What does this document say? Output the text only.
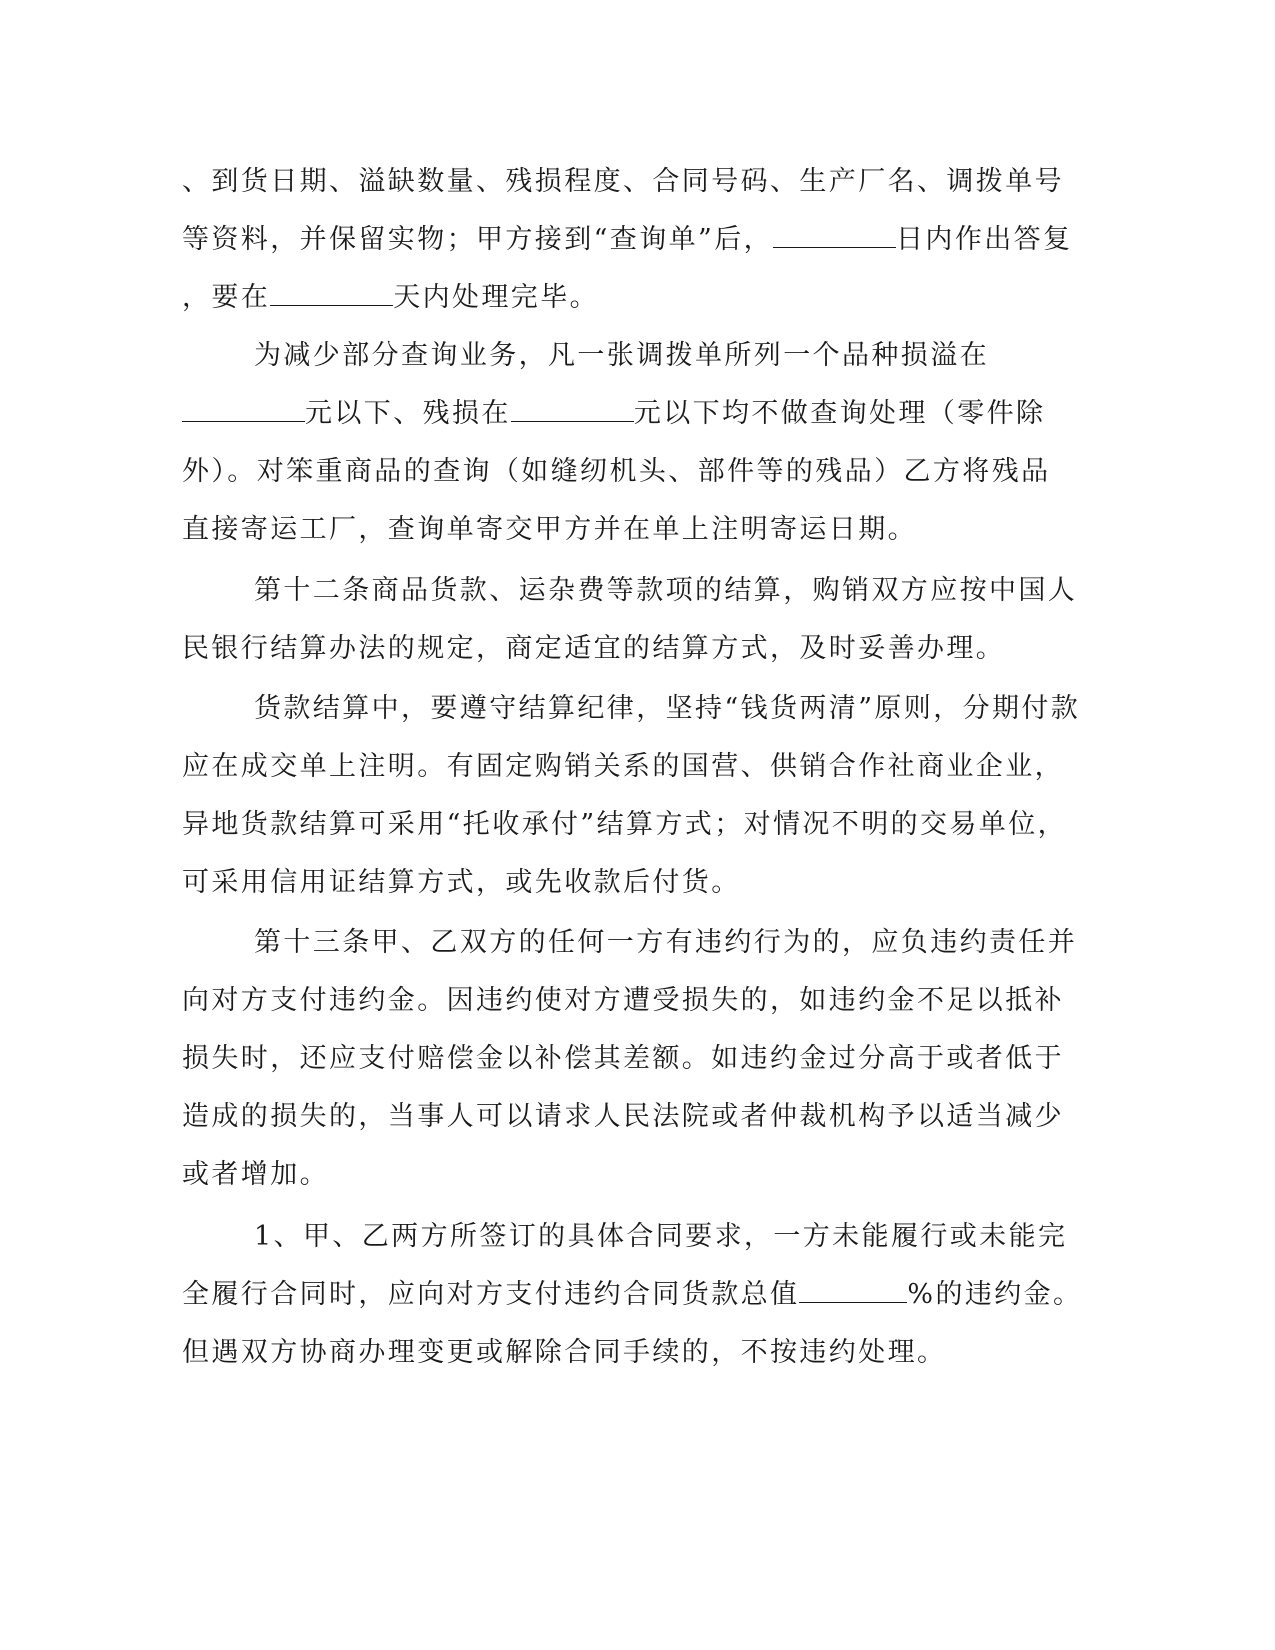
、到货日期、溢缺数量、残损程度、合同号码、生产厂名、调拨单号
等资料，并保留实物；甲方接到“查询单”后，	日内作出答复
，要在	天内处理完毕。
为减少部分查询业务，凡一张调拨单所列一个品种损溢在
元以下、残损在	元以下均不做查询处理（零件除
外）。对笨重商品的查询（如缝纫机头、部件等的残品）乙方将残品
直接寄运工厂，查询单寄交甲方并在单上注明寄运日期。
第十二条商品货款、运杂费等款项的结算，购销双方应按中国人
民银行结算办法的规定，商定适宜的结算方式，及时妥善办理。
货款结算中，要遵守结算纪律，坚持“钱货两清”原则，分期付款
应在成交单上注明。有固定购销关系的国营、供销合作社商业企业，
异地货款结算可采用“托收承付”结算方式；对情况不明的交易单位，
可采用信用证结算方式，或先收款后付货。
第十三条甲、乙双方的任何一方有违约行为的，应负违约责任并
向对方支付违约金。因违约使对方遭受损失的，如违约金不足以抵补
损失时，还应支付赔偿金以补偿其差额。如违约金过分高于或者低于
造成的损失的，当事人可以请求人民法院或者仲裁机构予以适当减少
或者增加。
1、甲、乙两方所签订的具体合同要求，一方未能履行或未能完
全履行合同时，应向对方支付违约合同货款总值	%的违约金。
但遇双方协商办理变更或解除合同手续的，不按违约处理。
